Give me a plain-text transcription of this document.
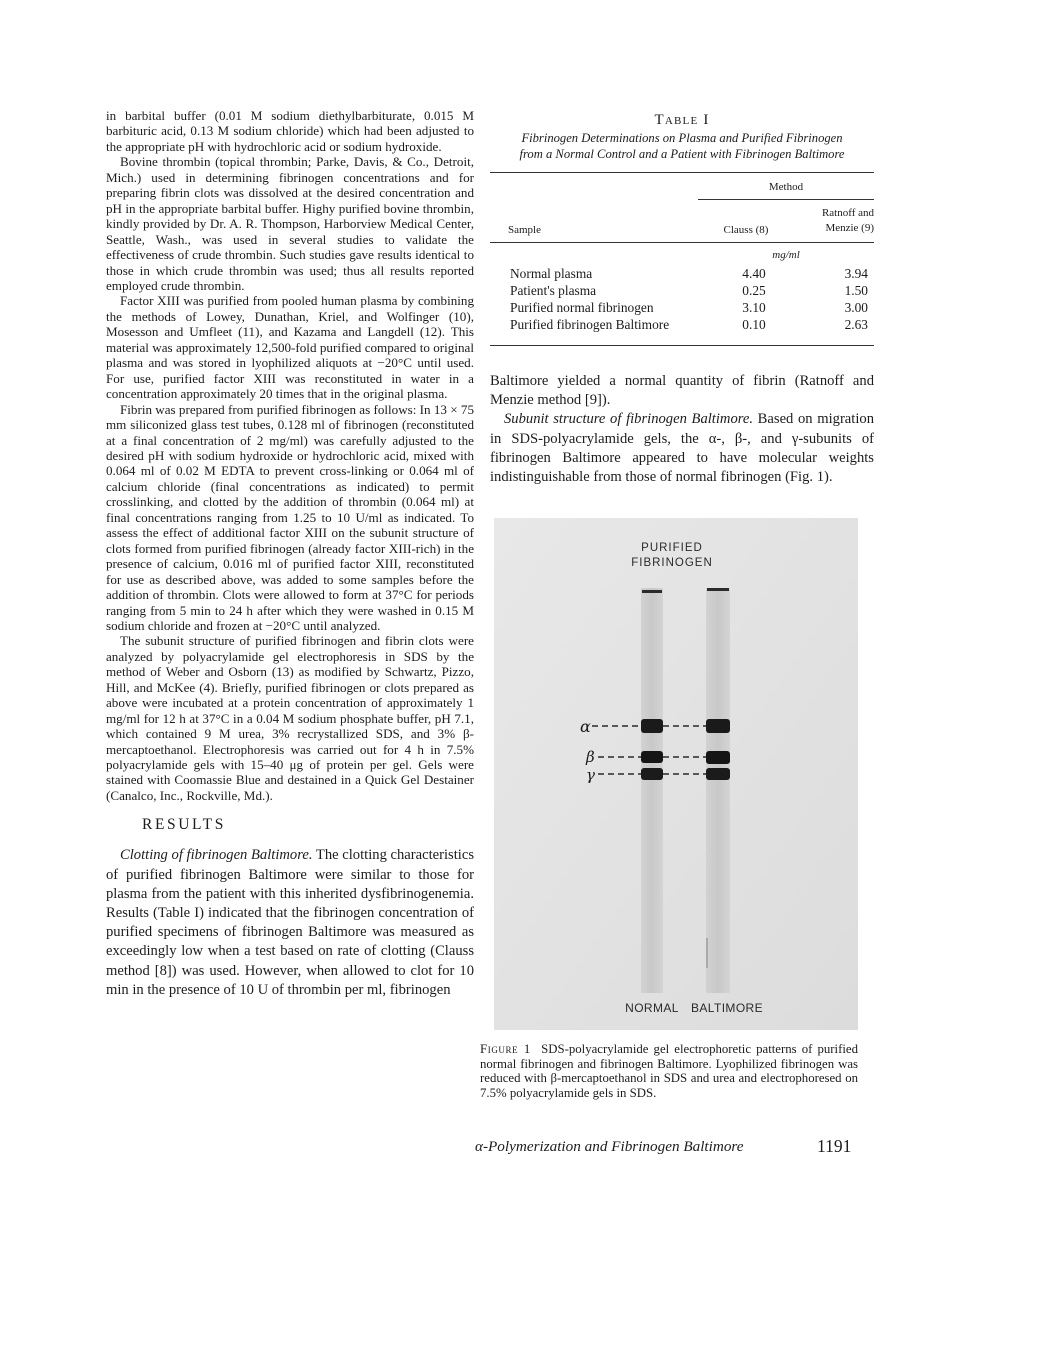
in barbital buffer (0.01 M sodium diethylbarbiturate, 0.015 M barbituric acid, 0.13 M sodium chloride) which had been adjusted to the appropriate pH with hydrochloric acid or sodium hydroxide.

Bovine thrombin (topical thrombin; Parke, Davis, & Co., Detroit, Mich.) used in determining fibrinogen concentrations and for preparing fibrin clots was dissolved at the desired concentration and pH in the appropriate barbital buffer. Highy purified bovine thrombin, kindly provided by Dr. A. R. Thompson, Harborview Medical Center, Seattle, Wash., was used in several studies to validate the effectiveness of crude thrombin. Such studies gave results identical to those in which crude thrombin was used; thus all results reported employed crude thrombin.

Factor XIII was purified from pooled human plasma by combining the methods of Lowey, Dunathan, Kriel, and Wolfinger (10), Mosesson and Umfleet (11), and Kazama and Langdell (12). This material was approximately 12,500-fold purified compared to original plasma and was stored in lyophilized aliquots at −20°C until used. For use, purified factor XIII was reconstituted in water in a concentration approximately 20 times that in the original plasma.

Fibrin was prepared from purified fibrinogen as follows: In 13 × 75 mm siliconized glass test tubes, 0.128 ml of fibrinogen (reconstituted at a final concentration of 2 mg/ml) was carefully adjusted to the desired pH with sodium hydroxide or hydrochloric acid, mixed with 0.064 ml of 0.02 M EDTA to prevent cross-linking or 0.064 ml of calcium chloride (final concentrations as indicated) to permit crosslinking, and clotted by the addition of thrombin (0.064 ml) at final concentrations ranging from 1.25 to 10 U/ml as indicated. To assess the effect of additional factor XIII on the subunit structure of clots formed from purified fibrinogen (already factor XIII-rich) in the presence of calcium, 0.016 ml of purified factor XIII, reconstituted for use as described above, was added to some samples before the addition of thrombin. Clots were allowed to form at 37°C for periods ranging from 5 min to 24 h after which they were washed in 0.15 M sodium chloride and frozen at −20°C until analyzed.

The subunit structure of purified fibrinogen and fibrin clots were analyzed by polyacrylamide gel electrophoresis in SDS by the method of Weber and Osborn (13) as modified by Schwartz, Pizzo, Hill, and McKee (4). Briefly, purified fibrinogen or clots prepared as above were incubated at a protein concentration of approximately 1 mg/ml for 12 h at 37°C in a 0.04 M sodium phosphate buffer, pH 7.1, which contained 9 M urea, 3% recrystallized SDS, and 3% β-mercaptoethanol. Electrophoresis was carried out for 4 h in 7.5% polyacrylamide gels with 15–40 μg of protein per gel. Gels were stained with Coomassie Blue and destained in a Quick Gel Destainer (Canalco, Inc., Rockville, Md.).

RESULTS

Clotting of fibrinogen Baltimore. The clotting characteristics of purified fibrinogen Baltimore were similar to those for plasma from the patient with this inherited dysfibrinogenemia. Results (Table I) indicated that the fibrinogen concentration of purified specimens of fibrinogen Baltimore was measured as exceedingly low when a test based on rate of clotting (Clauss method [8]) was used. However, when allowed to clot for 10 min in the presence of 10 U of thrombin per ml, fibrinogen

Table I
Fibrinogen Determinations on Plasma and Purified Fibrinogen from a Normal Control and a Patient with Fibrinogen Baltimore
	Method	
Sample	Clauss (8)	Ratnoff and
Menzie (9)
	mg/ml	
Normal plasma	4.40	3.94
Patient's plasma	0.25	1.50
Purified normal fibrinogen	3.10	3.00
Purified fibrinogen Baltimore	0.10	2.63

Baltimore yielded a normal quantity of fibrin (Ratnoff and Menzie method [9]).

Subunit structure of fibrinogen Baltimore. Based on migration in SDS-polyacrylamide gels, the α-, β-, and γ-subunits of fibrinogen Baltimore appeared to have molecular weights indistinguishable from those of normal fibrinogen (Fig. 1).

PURIFIED
FIBRINOGEN
α
β
γ
NORMAL BALTIMORE
Figure 1 SDS-polyacrylamide gel electrophoretic patterns of purified normal fibrinogen and fibrinogen Baltimore. Lyophilized fibrinogen was reduced with β-mercaptoethanol in SDS and urea and electrophoresed on 7.5% polyacrylamide gels in SDS.
α-Polymerization and Fibrinogen Baltimore	1191
